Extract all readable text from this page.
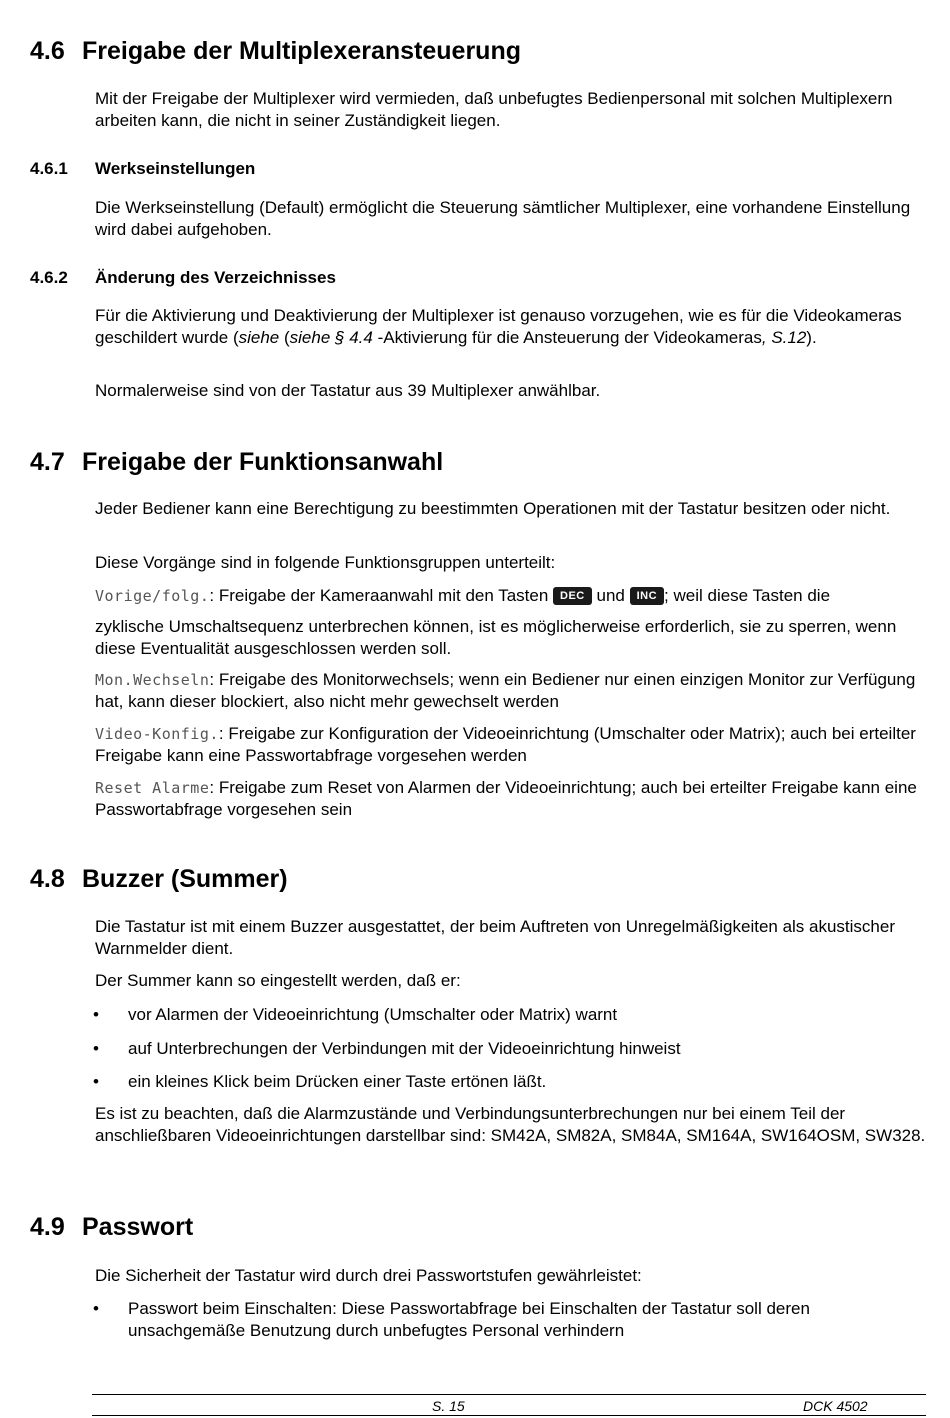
4.6 Freigabe der Multiplexeransteuerung
Mit der Freigabe der Multiplexer wird vermieden, daß unbefugtes Bedienpersonal mit solchen Multiplexern arbeiten kann, die nicht in seiner Zuständigkeit liegen.
4.6.1 Werkseinstellungen
Die Werkseinstellung (Default) ermöglicht die Steuerung sämtlicher Multiplexer, eine vorhandene Einstellung wird dabei aufgehoben.
4.6.2 Änderung des Verzeichnisses
Für die Aktivierung und Deaktivierung der Multiplexer ist genauso vorzugehen, wie es für die Videokameras geschildert wurde (siehe (siehe § 4.4 -Aktivierung für die Ansteuerung der Videokameras, S.12).
Normalerweise sind von der Tastatur aus 39 Multiplexer anwählbar.
4.7 Freigabe der Funktionsanwahl
Jeder Bediener kann eine Berechtigung zu beestimmten Operationen mit der Tastatur besitzen oder nicht.
Diese Vorgänge sind in folgende Funktionsgruppen unterteilt:
Vorige/folg.: Freigabe der Kameraanwahl mit den Tasten DEC und INC ; weil diese Tasten die
zyklische Umschaltsequenz unterbrechen können, ist es möglicherweise erforderlich, sie zu sperren, wenn diese Eventualität ausgeschlossen werden soll.
Mon.Wechseln: Freigabe des Monitorwechsels; wenn ein Bediener nur einen einzigen Monitor zur Verfügung hat, kann dieser blockiert, also nicht mehr gewechselt werden
Video-Konfig.: Freigabe zur Konfiguration der Videoeinrichtung (Umschalter oder Matrix); auch bei erteilter Freigabe kann eine Passwortabfrage vorgesehen werden
Reset Alarme: Freigabe zum Reset von Alarmen der Videoeinrichtung; auch bei erteilter Freigabe kann eine Passwortabfrage vorgesehen sein
4.8 Buzzer (Summer)
Die Tastatur ist mit einem Buzzer ausgestattet, der beim Auftreten von Unregelmäßigkeiten als akustischer Warnmelder dient.
Der Summer kann so eingestellt werden, daß er:
• vor Alarmen der Videoeinrichtung (Umschalter oder Matrix) warnt
• auf Unterbrechungen der Verbindungen mit der Videoeinrichtung hinweist
• ein kleines Klick beim Drücken einer Taste ertönen läßt.
Es ist zu beachten, daß die Alarmzustände und Verbindungsunterbrechungen nur bei einem Teil der anschließbaren Videoeinrichtungen darstellbar sind: SM42A, SM82A, SM84A, SM164A, SW164OSM, SW328.
4.9 Passwort
Die Sicherheit der Tastatur wird durch drei Passwortstufen gewährleistet:
• Passwort beim Einschalten: Diese Passwortabfrage bei Einschalten der Tastatur soll deren unsachgemäße Benutzung durch unbefugtes Personal verhindern
S. 15	DCK 4502
